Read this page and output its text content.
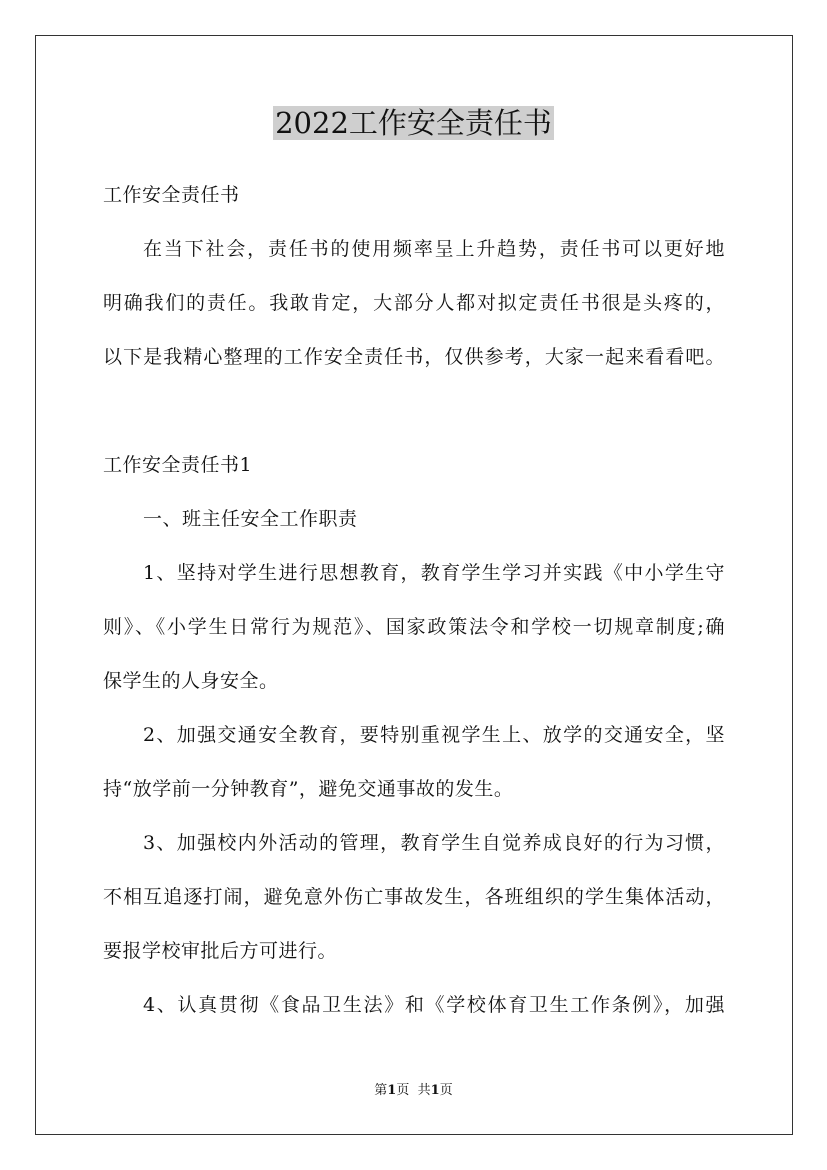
2022工作安全责任书
工作安全责任书
在当下社会，责任书的使用频率呈上升趋势，责任书可以更好地
明确我们的责任。我敢肯定，大部分人都对拟定责任书很是头疼的，
以下是我精心整理的工作安全责任书，仅供参考，大家一起来看看吧。
工作安全责任书1
一、班主任安全工作职责
1、坚持对学生进行思想教育，教育学生学习并实践《中小学生守
则》、《小学生日常行为规范》、国家政策法令和学校一切规章制度;确
保学生的人身安全。
2、加强交通安全教育，要特别重视学生上、放学的交通安全，坚
持“放学前一分钟教育”，避免交通事故的发生。
3、加强校内外活动的管理，教育学生自觉养成良好的行为习惯，
不相互追逐打闹，避免意外伤亡事故发生，各班组织的学生集体活动，
要报学校审批后方可进行。
4、认真贯彻《食品卫生法》和《学校体育卫生工作条例》，加强
第1页 共1页
